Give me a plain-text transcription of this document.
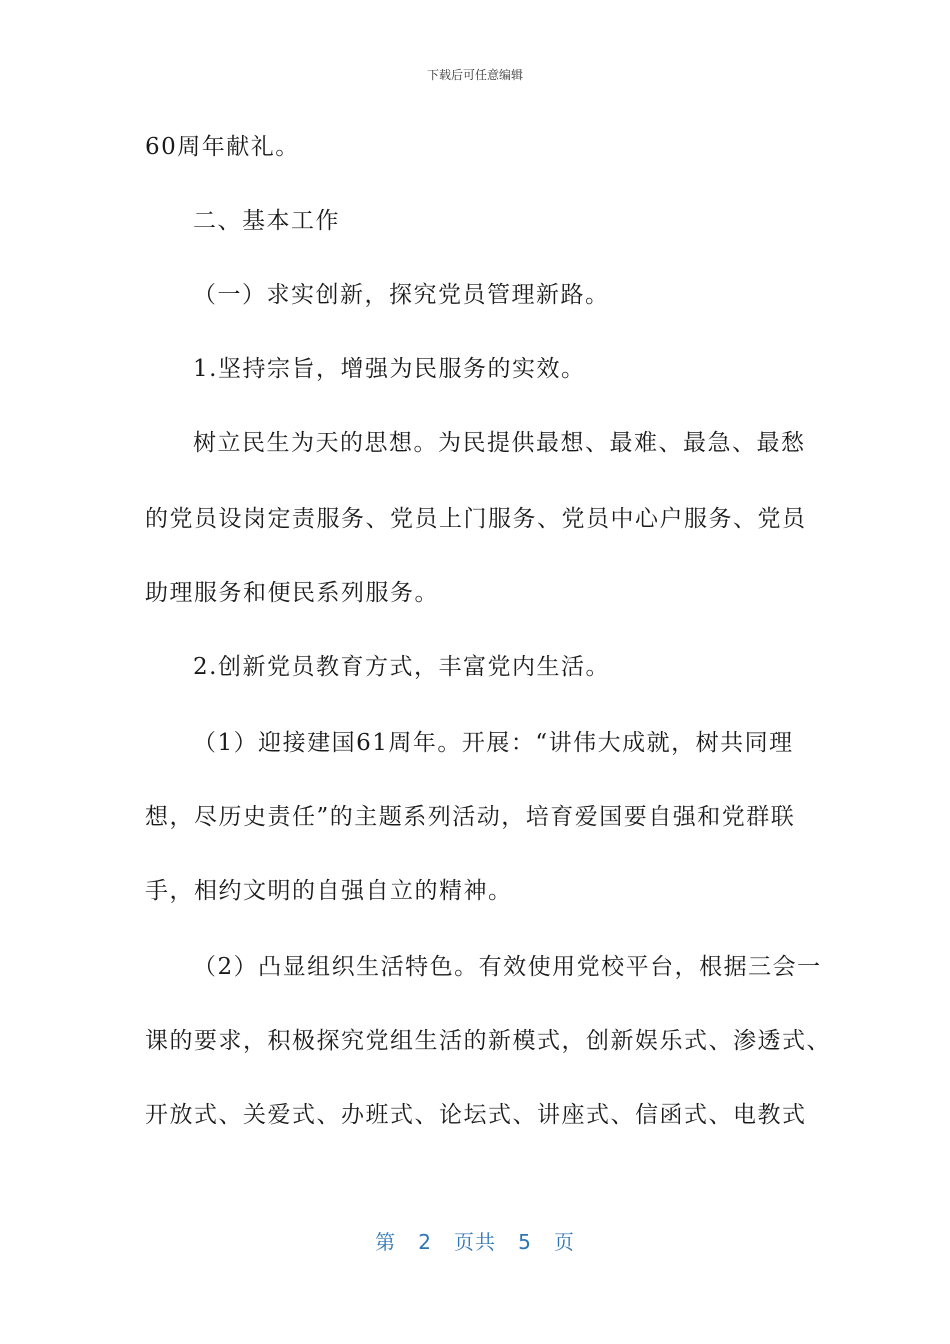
下载后可任意编辑
60周年献礼。
二、基本工作
（一）求实创新，探究党员管理新路。
1.坚持宗旨，增强为民服务的实效。
树立民生为天的思想。为民提供最想、最难、最急、最愁
的党员设岗定责服务、党员上门服务、党员中心户服务、党员
助理服务和便民系列服务。
2.创新党员教育方式，丰富党内生活。
（1）迎接建国61周年。开展：“讲伟大成就，树共同理
想，尽历史责任”的主题系列活动，培育爱国要自强和党群联
手，相约文明的自强自立的精神。
（2）凸显组织生活特色。有效使用党校平台，根据三会一
课的要求，积极探究党组生活的新模式，创新娱乐式、渗透式、
开放式、关爱式、办班式、论坛式、讲座式、信函式、电教式
第 2 页共 5 页
